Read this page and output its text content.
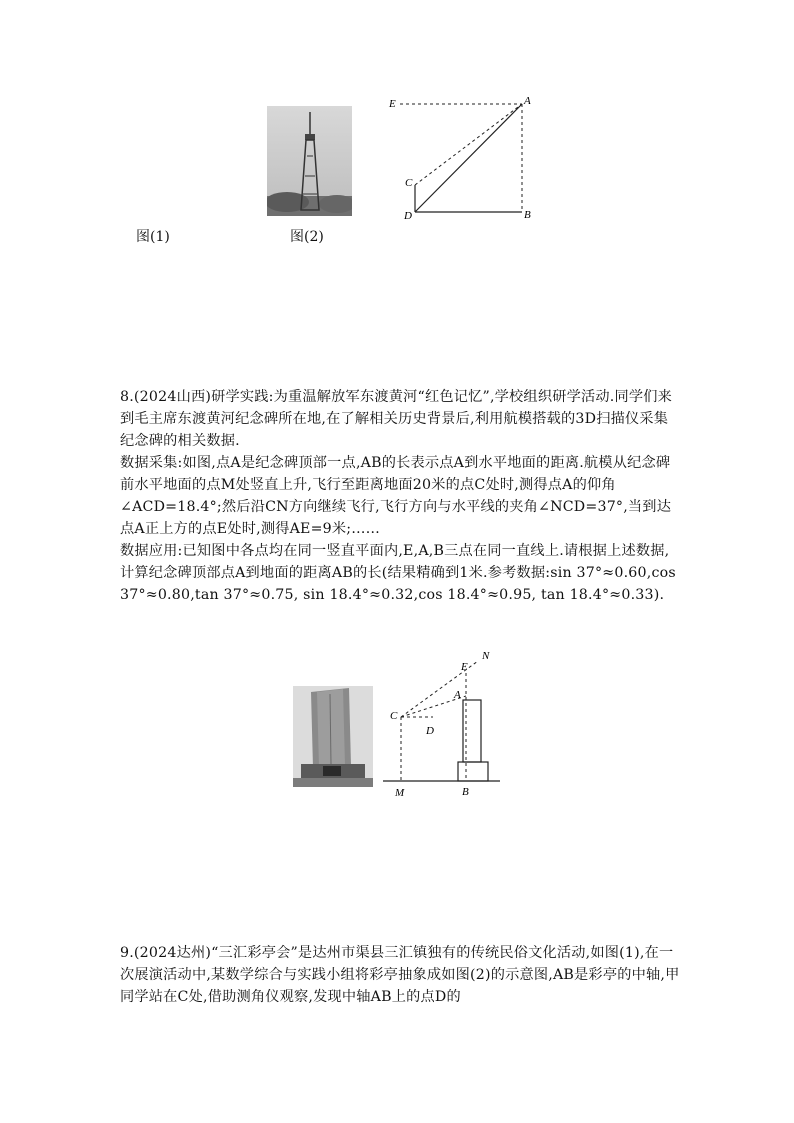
E	A
C
D	B
图(1)	图(2)
8.(2024山西)研学实践:为重温解放军东渡黄河“红色记忆”,学校组织研学活动.同学们来到毛主席东渡黄河纪念碑所在地,在了解相关历史背景后,利用航模搭载的3D扫描仪采集纪念碑的相关数据.
数据采集:如图,点A是纪念碑顶部一点,AB的长表示点A到水平地面的距离.航模从纪念碑前水平地面的点M处竖直上升,飞行至距离地面20米的点C处时,测得点A的仰角∠ACD=18.4°;然后沿CN方向继续飞行,飞行方向与水平线的夹角∠NCD=37°,当到达点A正上方的点E处时,测得AE=9米;……
数据应用:已知图中各点均在同一竖直平面内,E,A,B三点在同一直线上.请根据上述数据,计算纪念碑顶部点A到地面的距离AB的长(结果精确到1米.参考数据:sin 37°≈0.60,cos 37°≈0.80,tan 37°≈0.75, sin 18.4°≈0.32,cos 18.4°≈0.95, tan 18.4°≈0.33).
E
N
A
C
D
M	B
9.(2024达州)“三汇彩亭会”是达州市渠县三汇镇独有的传统民俗文化活动,如图(1),在一次展演活动中,某数学综合与实践小组将彩亭抽象成如图(2)的示意图,AB是彩亭的中轴,甲同学站在C处,借助测角仪观察,发现中轴AB上的点D的
